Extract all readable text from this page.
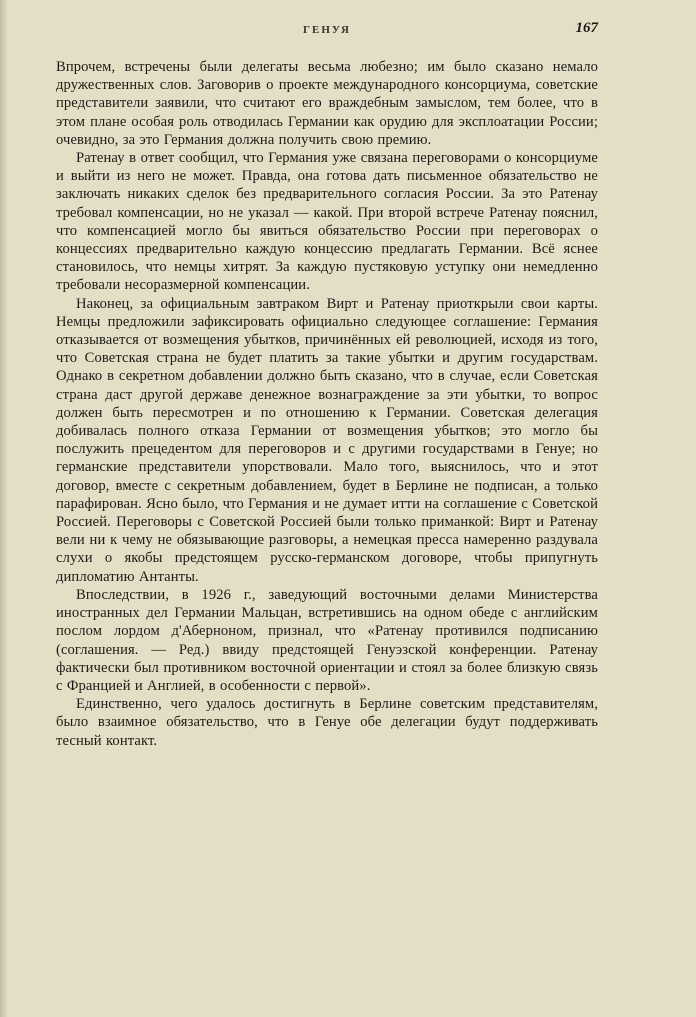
ГЕНУЯ	167

Впрочем, встречены были делегаты весьма любезно; им было сказано немало дружественных слов. Заговорив о проекте международного консорциума, советские представители заявили, что считают его враждебным замыслом, тем более, что в этом плане особая роль отводилась Германии как орудию для эксплоатации России; очевидно, за это Германия должна получить свою премию.

Ратенау в ответ сообщил, что Германия уже связана переговорами о консорциуме и выйти из него не может. Правда, она готова дать письменное обязательство не заключать никаких сделок без предварительного согласия России. За это Ратенау требовал компенсации, но не указал — какой. При второй встрече Ратенау пояснил, что компенсацией могло бы явиться обязательство России при переговорах о концессиях предварительно каждую концессию предлагать Германии. Всё яснее становилось, что немцы хитрят. За каждую пустяковую уступку они немедленно требовали несоразмерной компенсации.

Наконец, за официальным завтраком Вирт и Ратенау приоткрыли свои карты. Немцы предложили зафиксировать официально следующее соглашение: Германия отказывается от возмещения убытков, причинённых ей революцией, исходя из того, что Советская страна не будет платить за такие убытки и другим государствам. Однако в секретном добавлении должно быть сказано, что в случае, если Советская страна даст другой державе денежное вознаграждение за эти убытки, то вопрос должен быть пересмотрен и по отношению к Германии. Советская делегация добивалась полного отказа Германии от возмещения убытков; это могло бы послужить прецедентом для переговоров и с другими государствами в Генуе; но германские представители упорствовали. Мало того, выяснилось, что и этот договор, вместе с секретным добавлением, будет в Берлине не подписан, а только парафирован. Ясно было, что Германия и не думает итти на соглашение с Советской Россией. Переговоры с Советской Россией были только приманкой: Вирт и Ратенау вели ни к чему не обязывающие разговоры, а немецкая пресса намеренно раздувала слухи о якобы предстоящем русско-германском договоре, чтобы припугнуть дипломатию Антанты.

Впоследствии, в 1926 г., заведующий восточными делами Министерства иностранных дел Германии Мальцан, встретившись на одном обеде с английским послом лордом д'Аберноном, признал, что «Ратенау противился подписанию (соглашения. — Ред.) ввиду предстоящей Генуэзской конференции. Ратенау фактически был противником восточной ориентации и стоял за более близкую связь с Францией и Англией, в особенности с первой».

Единственно, чего удалось достигнуть в Берлине советским представителям, было взаимное обязательство, что в Генуе обе делегации будут поддерживать тесный контакт.
